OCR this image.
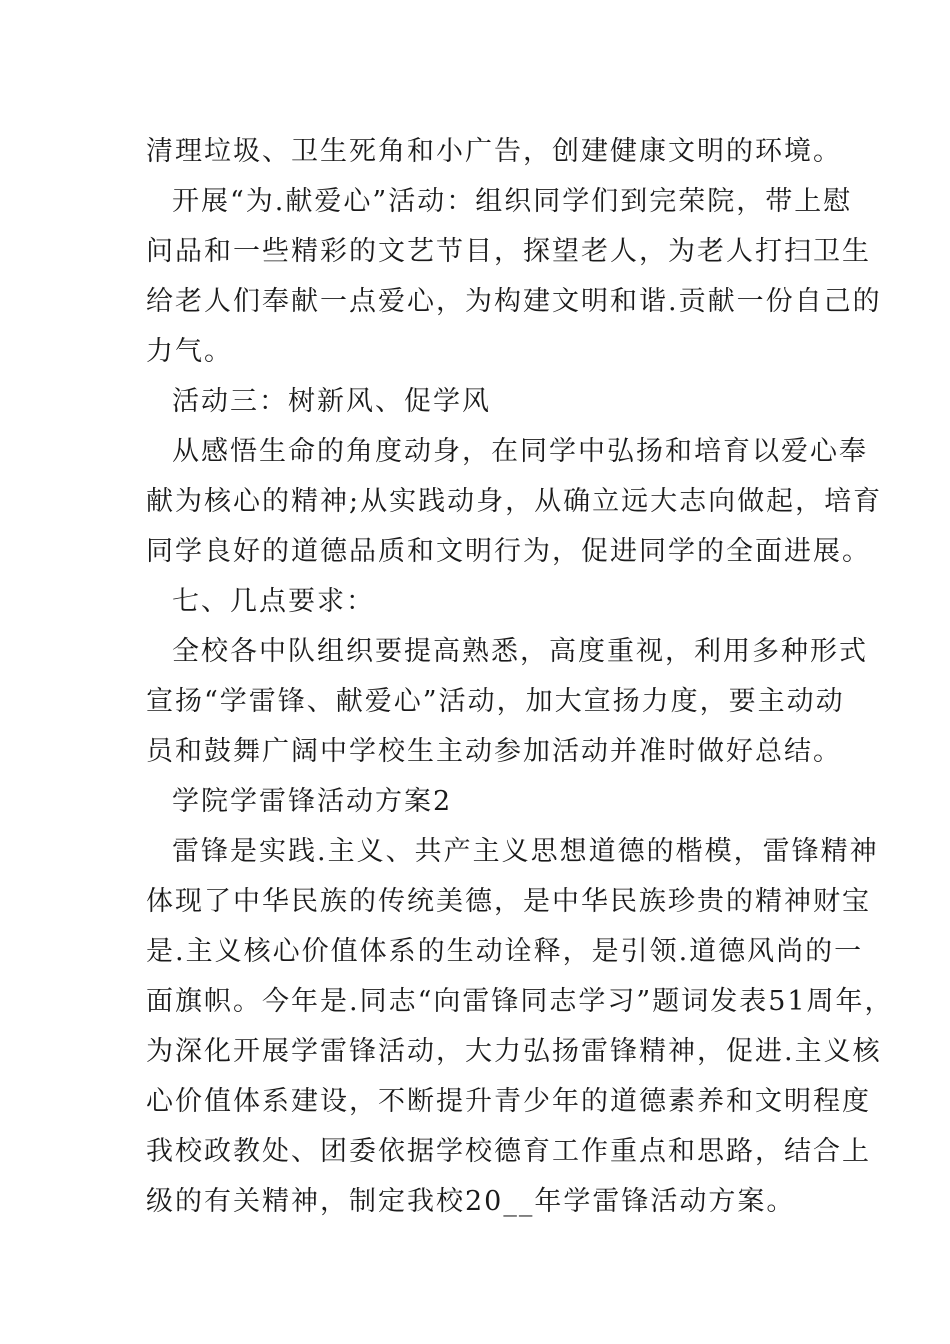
清理垃圾、卫生死角和小广告，创建健康文明的环境。
开展“为.献爱心”活动：组织同学们到完荣院，带上慰
问品和一些精彩的文艺节目，探望老人，为老人打扫卫生
给老人们奉献一点爱心，为构建文明和谐.贡献一份自己的
力气。
活动三：树新风、促学风
从感悟生命的角度动身，在同学中弘扬和培育以爱心奉
献为核心的精神;从实践动身，从确立远大志向做起，培育
同学良好的道德品质和文明行为，促进同学的全面进展。
七、几点要求：
全校各中队组织要提高熟悉，高度重视，利用多种形式
宣扬“学雷锋、献爱心”活动，加大宣扬力度，要主动动
员和鼓舞广阔中学校生主动参加活动并准时做好总结。
学院学雷锋活动方案2
雷锋是实践.主义、共产主义思想道德的楷模，雷锋精神
体现了中华民族的传统美德，是中华民族珍贵的精神财宝
是.主义核心价值体系的生动诠释，是引领.道德风尚的一
面旗帜。今年是.同志“向雷锋同志学习”题词发表51周年，
为深化开展学雷锋活动，大力弘扬雷锋精神，促进.主义核
心价值体系建设，不断提升青少年的道德素养和文明程度
我校政教处、团委依据学校德育工作重点和思路，结合上
级的有关精神，制定我校20__年学雷锋活动方案。
